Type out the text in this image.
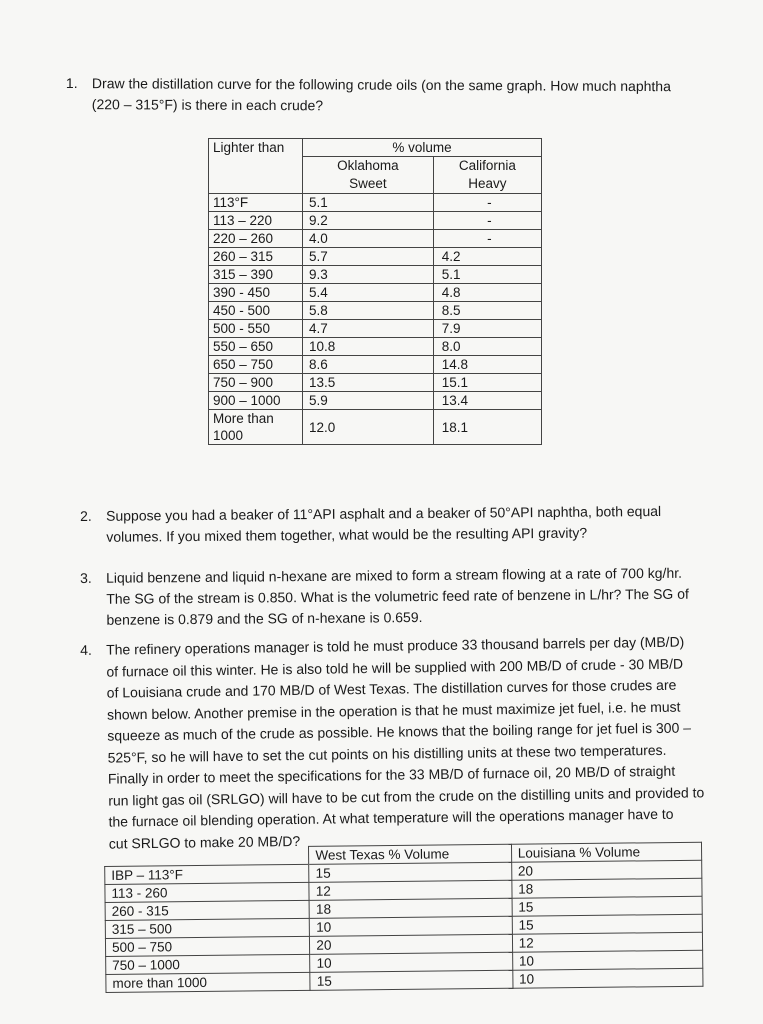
1.	Draw the distillation curve for the following crude oils (on the same graph. How much naphtha

(220 – 315°F) is there in each crude?

Lighter than	% volume	
	Oklahoma Sweet	California Heavy
113°F	5.1	-
113 – 220	9.2	-
220 – 260	4.0	-
260 – 315	5.7	4.2
315 – 390	9.3	5.1
390 - 450	5.4	4.8
450 - 500	5.8	8.5
500 - 550	4.7	7.9
550 – 650	10.8	8.0
650 – 750	8.6	14.8
750 – 900	13.5	15.1
900 – 1000	5.9	13.4
More than 1000	12.0	18.1
2.	Suppose you had a beaker of 11°API asphalt and a beaker of 50°API naphtha, both equal

volumes. If you mixed them together, what would be the resulting API gravity?

3.	Liquid benzene and liquid n-hexane are mixed to form a stream flowing at a rate of 700 kg/hr.

The SG of the stream is 0.850. What is the volumetric feed rate of benzene in L/hr? The SG of

benzene is 0.879 and the SG of n-hexane is 0.659.

4.	The refinery operations manager is told he must produce 33 thousand barrels per day (MB/D)

of furnace oil this winter. He is also told he will be supplied with 200 MB/D of crude - 30 MB/D

of Louisiana crude and 170 MB/D of West Texas. The distillation curves for those crudes are

shown below. Another premise in the operation is that he must maximize jet fuel, i.e. he must

squeeze as much of the crude as possible. He knows that the boiling range for jet fuel is 300 –

525°F, so he will have to set the cut points on his distilling units at these two temperatures.

Finally in order to meet the specifications for the 33 MB/D of furnace oil, 20 MB/D of straight

run light gas oil (SRLGO) will have to be cut from the crude on the distilling units and provided to

the furnace oil blending operation. At what temperature will the operations manager have to

cut SRLGO to make 20 MB/D?

	West Texas % Volume	Louisiana % Volume
IBP – 113°F	15	20
113 - 260	12	18
260 - 315	18	15
315 – 500	10	15
500 – 750	20	12
750 – 1000	10	10
more than 1000	15	10
